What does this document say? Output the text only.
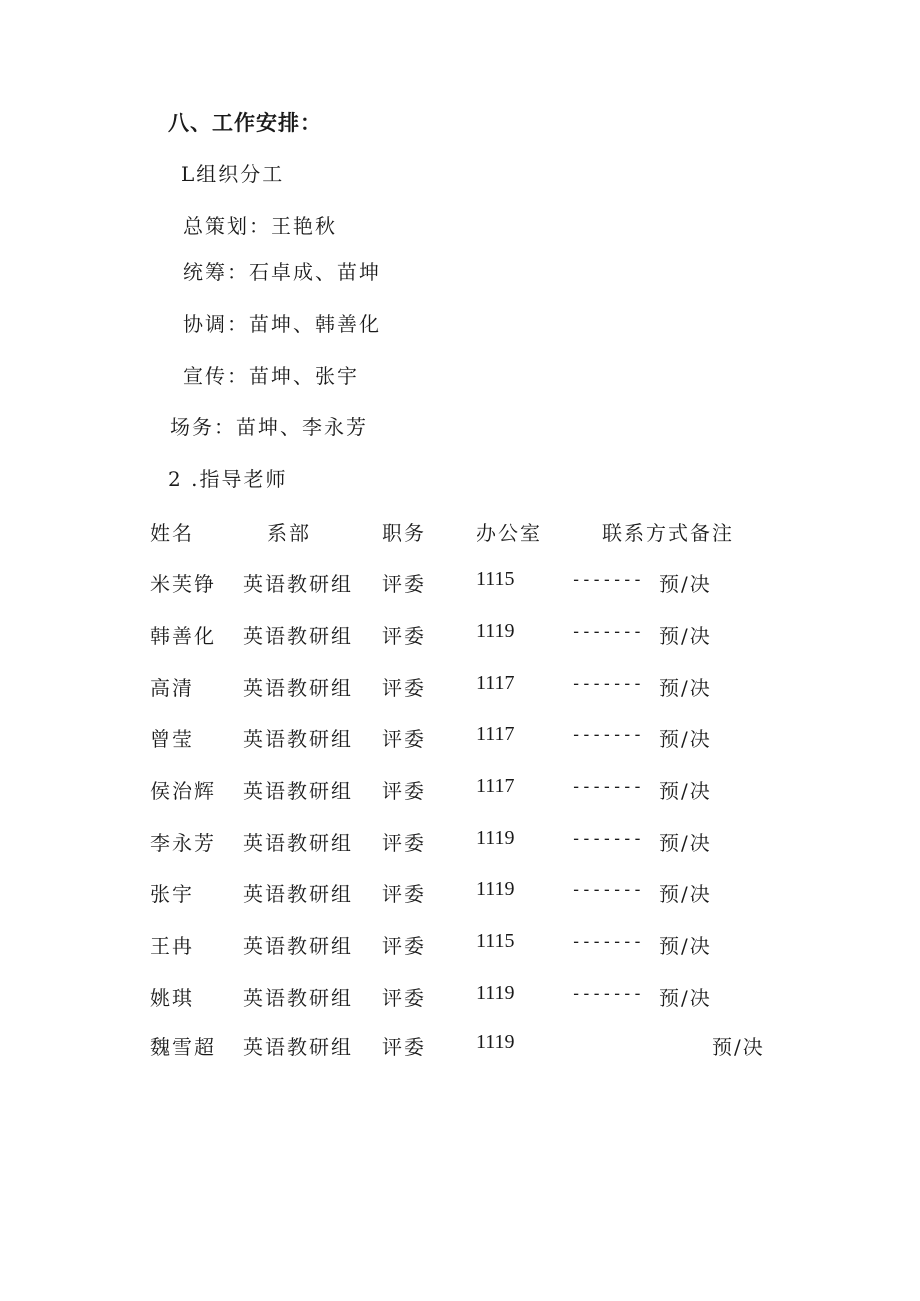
八、工作安排：
L组织分工
总策划：王艳秋
统筹：石卓成、苗坤
协调：苗坤、韩善化
宣传：苗坤、张宇
场务：苗坤、李永芳
2 .指导老师
姓名	系部	职务	办公室	联系方式备注
米芙铮 英语教研组 评委	1115	------- 预/决
韩善化 英语教研组 评委	1119	------- 预/决
高清 英语教研组 评委	1117	------- 预/决
曾莹 英语教研组 评委	1117	------- 预/决
侯治辉 英语教研组 评委	1117	------- 预/决
李永芳 英语教研组 评委	1119	------- 预/决
张宇 英语教研组 评委	1119	------- 预/决
王冉 英语教研组 评委	1115	------- 预/决
姚琪 英语教研组 评委	1119	------- 预/决
魏雪超 英语教研组 评委	1119	预/决
